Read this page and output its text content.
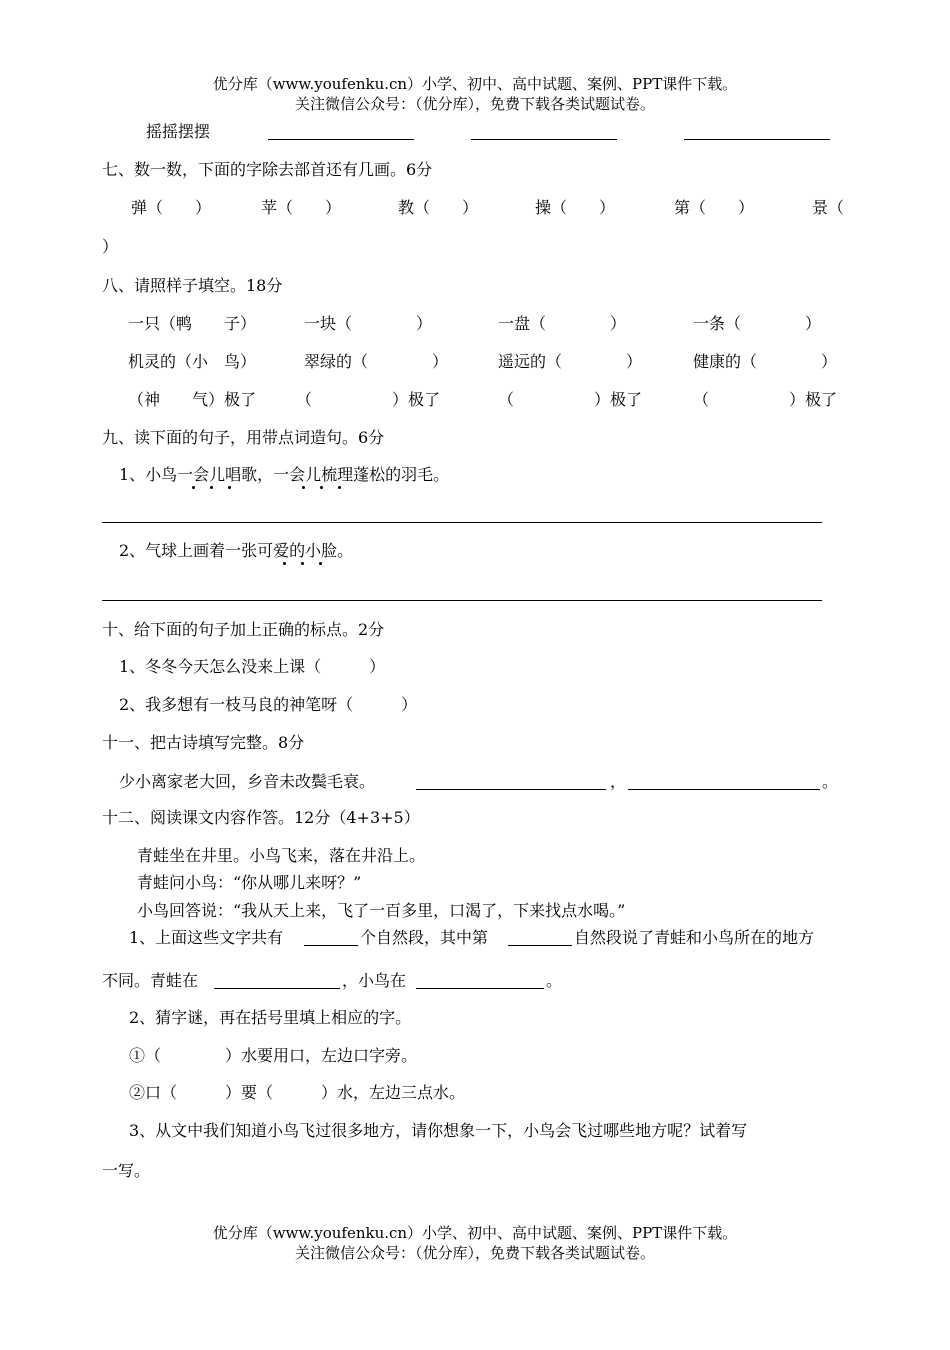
优分库（www.youfenku.cn）小学、初中、高中试题、案例、PPT课件下载。
关注微信公众号：（优分库），免费下载各类试题试卷。
摇摇摆摆
七、数一数，下面的字除去部首还有几画。6分
弹（　　）	苹（　　）	教（　　）	操（　　）	第（　　）	景（
）
八、请照样子填空。18分
一只（鸭　　子）	一块（　　　　）	一盘（　　　　）	一条（　　　　）
机灵的（小　鸟）	翠绿的（　　　　）	遥远的（　　　　）	健康的（　　　　）
（神　　气）极了 （　　　　　）极了	（　　　　　）极了	（　　　　　）极了
九、读下面的句子，用带点词造句。6分
1、小鸟一会儿唱歌，一会儿梳理蓬松的羽毛。
2、气球上画着一张可爱的小脸。
十、给下面的句子加上正确的标点。2分
1、冬冬今天怎么没来上课（　　　）
2、我多想有一枝马良的神笔呀（　　　）
十一、把古诗填写完整。8分
少小离家老大回，乡音未改鬓毛衰。	，	。
十二、阅读课文内容作答。12分（4+3+5）
青蛙坐在井里。小鸟飞来，落在井沿上。
青蛙问小鸟：“你从哪儿来呀？”
小鸟回答说：“我从天上来，飞了一百多里，口渴了，下来找点水喝。”
1、上面这些文字共有	个自然段，其中第	自然段说了青蛙和小鸟所在的地方
不同。青蛙在	，小鸟在	。
2、猜字谜，再在括号里填上相应的字。
①（　　　　）水要用口，左边口字旁。
②口（　　　）要（　　　）水，左边三点水。
3、从文中我们知道小鸟飞过很多地方，请你想象一下，小鸟会飞过哪些地方呢？试着写
一写。
优分库（www.youfenku.cn）小学、初中、高中试题、案例、PPT课件下载。
关注微信公众号：（优分库），免费下载各类试题试卷。
